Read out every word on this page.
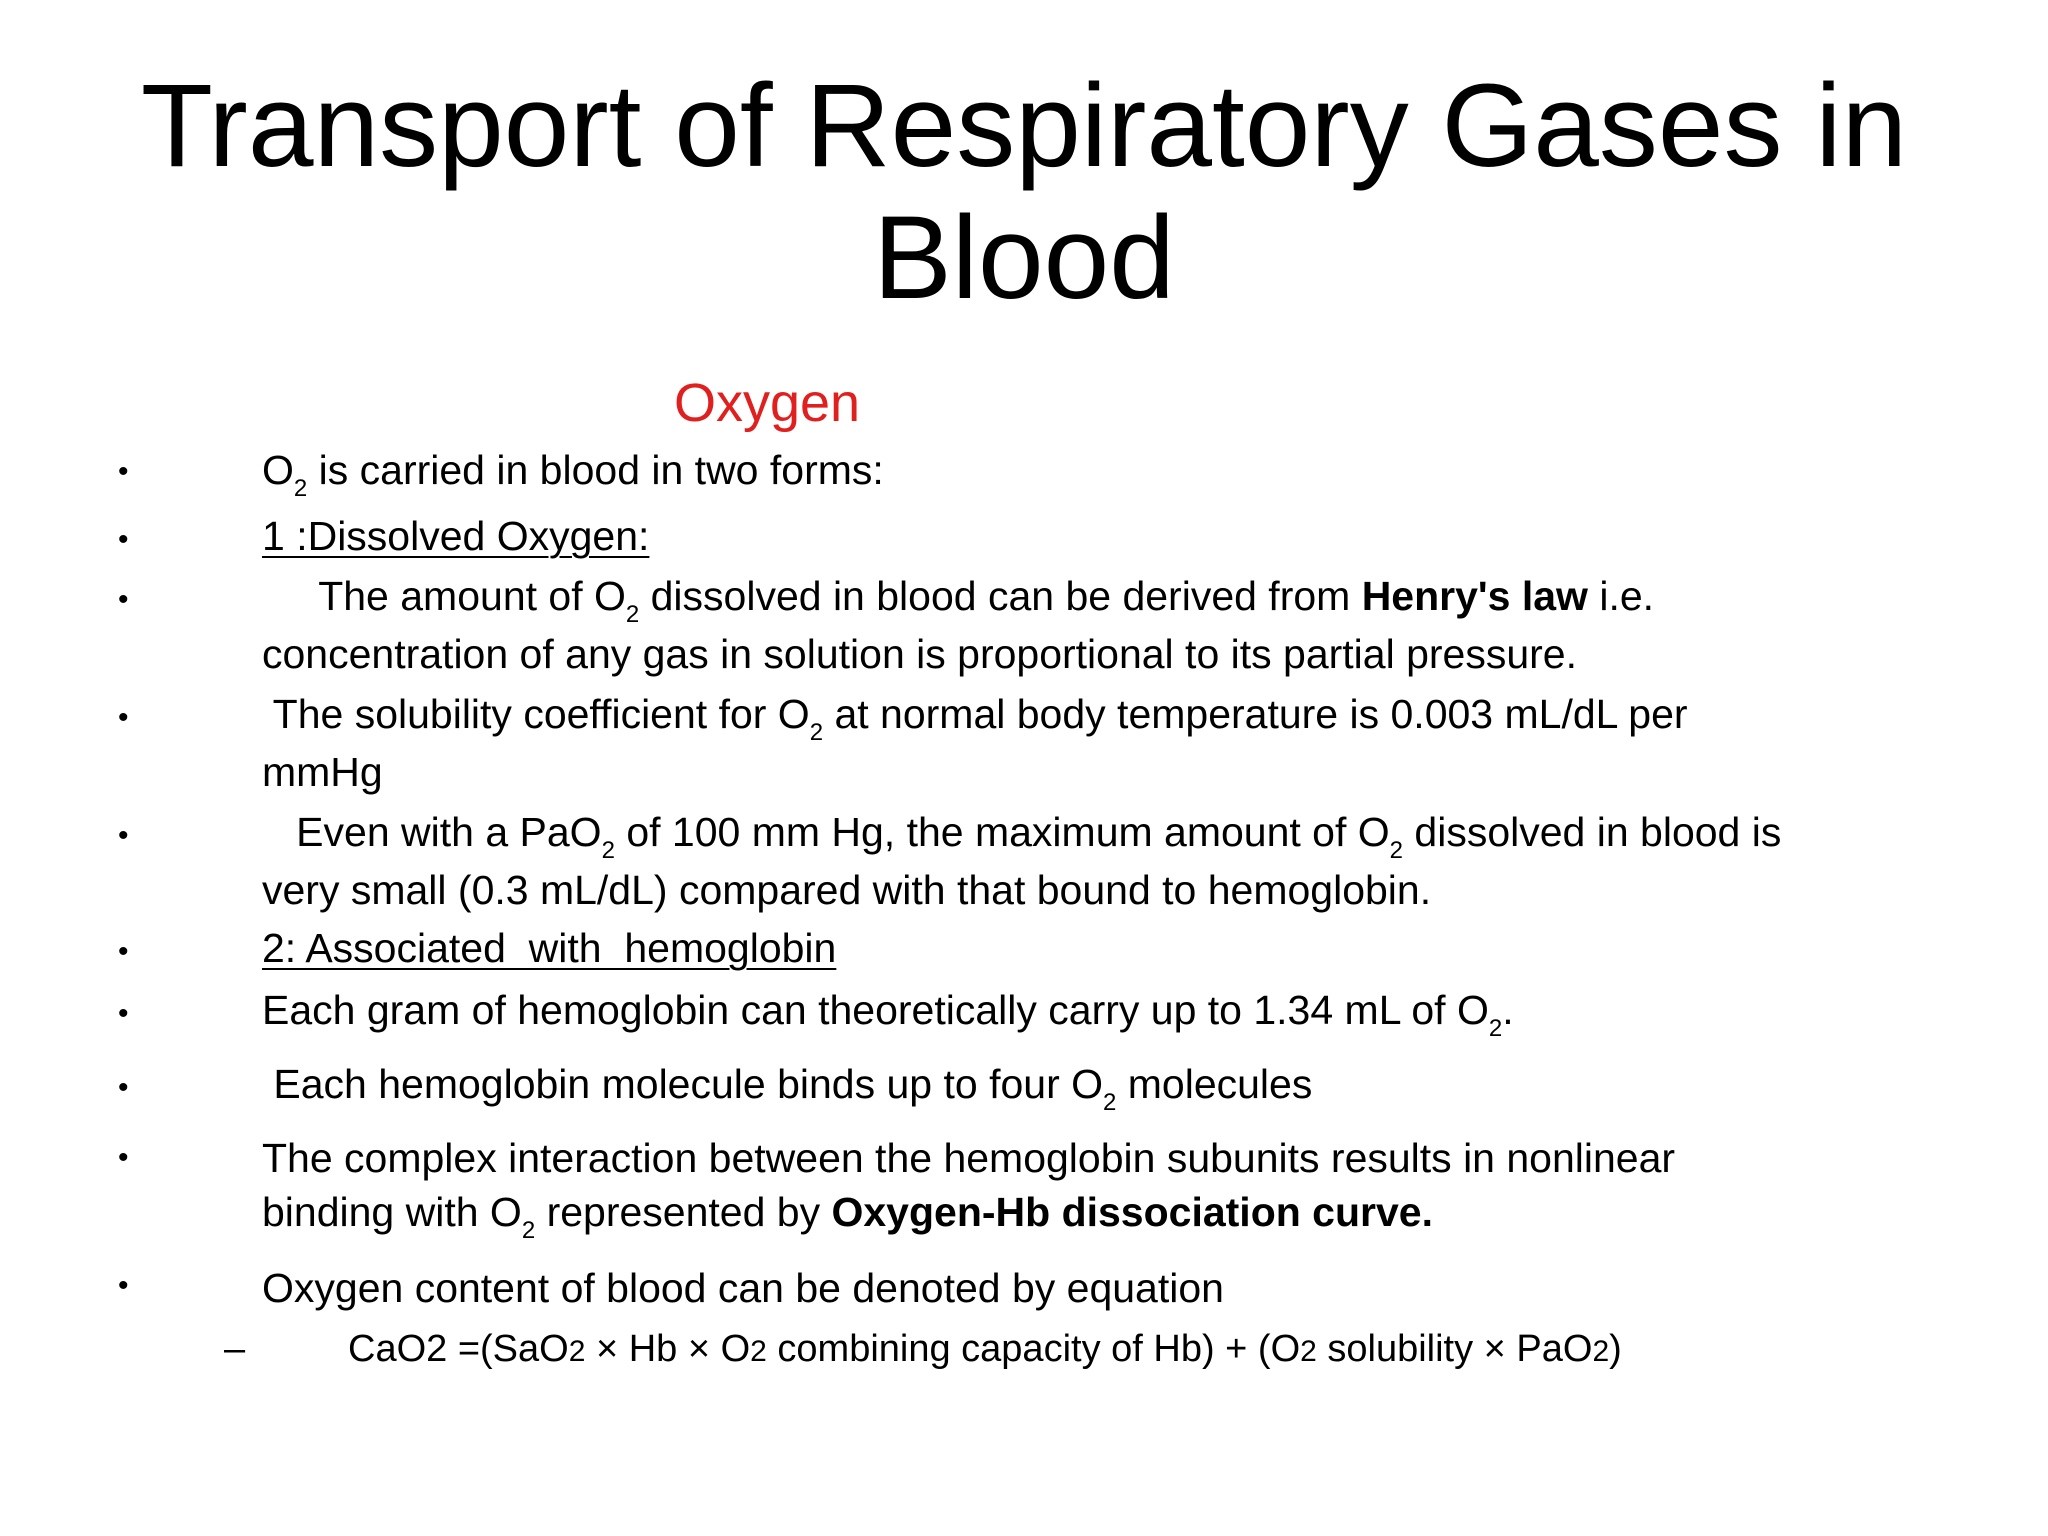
Transport of Respiratory Gases in
Blood
Oxygen
•	$O_2$ is carried in blood in two forms:
•	1 :Dissolved Oxygen:
•	The amount of $O_2$ dissolved in blood can be derived from Henry's law i.e.
concentration of any gas in solution is proportional to its partial pressure.
•	The solubility coefficient for $O_2$ at normal body temperature is 0.003 mL/dL per
mmHg
•	Even with a PaO$_2$ of 100 mm Hg, the maximum amount of $O_2$ dissolved in blood is
very small (0.3 mL/dL) compared with that bound to hemoglobin.
•	2: Associated  with  hemoglobin
•	Each gram of hemoglobin can theoretically carry up to 1.34 mL of $O_2$.
•	Each hemoglobin molecule binds up to four $O_2$ molecules
•	The complex interaction between the hemoglobin subunits results in nonlinear
binding with $O_2$ represented by Oxygen-Hb dissociation curve.
•	Oxygen content of blood can be denoted by equation
–	CaO2 =(SaO2 × Hb × O2 combining capacity of Hb) + (O2 solubility × PaO2)
